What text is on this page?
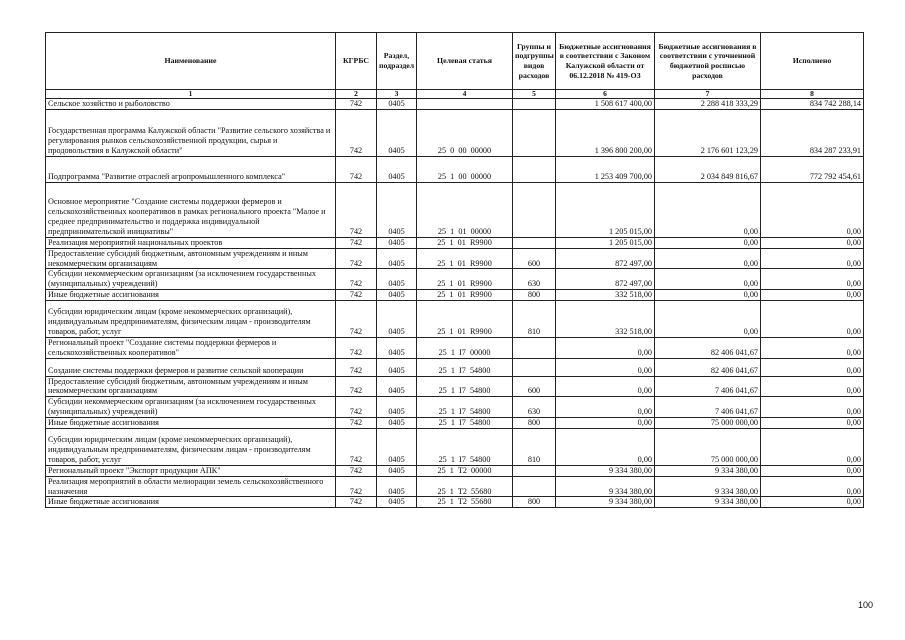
Наименование	КГРБС	Раздел, подраздел	Целевая статья	Группы и подгруппы видов расходов	Бюджетные ассигнования в соответствии с Законом Калужской области от 06.12.2018 № 419-ОЗ	Бюджетные ассигнования в соответствии с уточненной бюджетной росписью расходов	Исполнено
1	2	3	4	5	6	7	8
Сельское хозяйство и рыболовство	742	0405			1 508 617 400,00	2 288 418 333,29	834 742 288,14
Государственная программа Калужской области "Развитие сельского хозяйства и регулирования рынков сельскохозяйственной продукции, сырья и продовольствия в Калужской области"	742	0405	25  0  00  00000		1 396 800 200,00	2 176 601 123,29	834 287 233,91
Подпрограмма "Развитие отраслей агропромышленного комплекса"	742	0405	25  1  00  00000		1 253 409 700,00	2 034 849 816,67	772 792 454,61
Основное мероприятие "Создание системы поддержки фермеров и сельскохозяйственных кооперативов в рамках регионального проекта "Малое и среднее предпринимательство и поддержка индивидуальной предпринимательской инициативы"	742	0405	25  1  01  00000		1 205 015,00	0,00	0,00
Реализация мероприятий национальных проектов	742	0405	25  1  01  R9900		1 205 015,00	0,00	0,00
Предоставление субсидий бюджетным, автономным учреждениям и иным некоммерческим организациям	742	0405	25  1  01  R9900	600	872 497,00	0,00	0,00
Субсидии некоммерческим организациям (за исключением государственных (муниципальных) учреждений)	742	0405	25  1  01  R9900	630	872 497,00	0,00	0,00
Иные бюджетные ассигнования	742	0405	25  1  01  R9900	800	332 518,00	0,00	0,00
Субсидии юридическим лицам (кроме некоммерческих организаций), индивидуальным предпринимателям, физическим лицам - производителям товаров, работ, услуг	742	0405	25  1  01  R9900	810	332 518,00	0,00	0,00
Региональный проект "Создание системы поддержки фермеров и сельскохозяйственных кооперативов"	742	0405	25  1  I7  00000		0,00	82 406 041,67	0,00
Создание системы поддержки фермеров и развитие сельской кооперации	742	0405	25  1  I7  54800		0,00	82 406 041,67	0,00
Предоставление субсидий бюджетным, автономным учреждениям и иным некоммерческим организациям	742	0405	25  1  I7  54800	600	0,00	7 406 041,67	0,00
Субсидии некоммерческим организациям (за исключением государственных (муниципальных) учреждений)	742	0405	25  1  I7  54800	630	0,00	7 406 041,67	0,00
Иные бюджетные ассигнования	742	0405	25  1  I7  54800	800	0,00	75 000 000,00	0,00
Субсидии юридическим лицам (кроме некоммерческих организаций), индивидуальным предпринимателям, физическим лицам - производителям товаров, работ, услуг	742	0405	25  1  I7  54800	810	0,00	75 000 000,00	0,00
Региональный проект "Экспорт продукции АПК"	742	0405	25  1  T2  00000		9 334 380,00	9 334 380,00	0,00
Реализация мероприятий в области мелиорации земель сельскохозяйственного назначения	742	0405	25  1  T2  55680		9 334 380,00	9 334 380,00	0,00
Иные бюджетные ассигнования	742	0405	25  1  T2  55680	800	9 334 380,00	9 334 380,00	0,00
100
